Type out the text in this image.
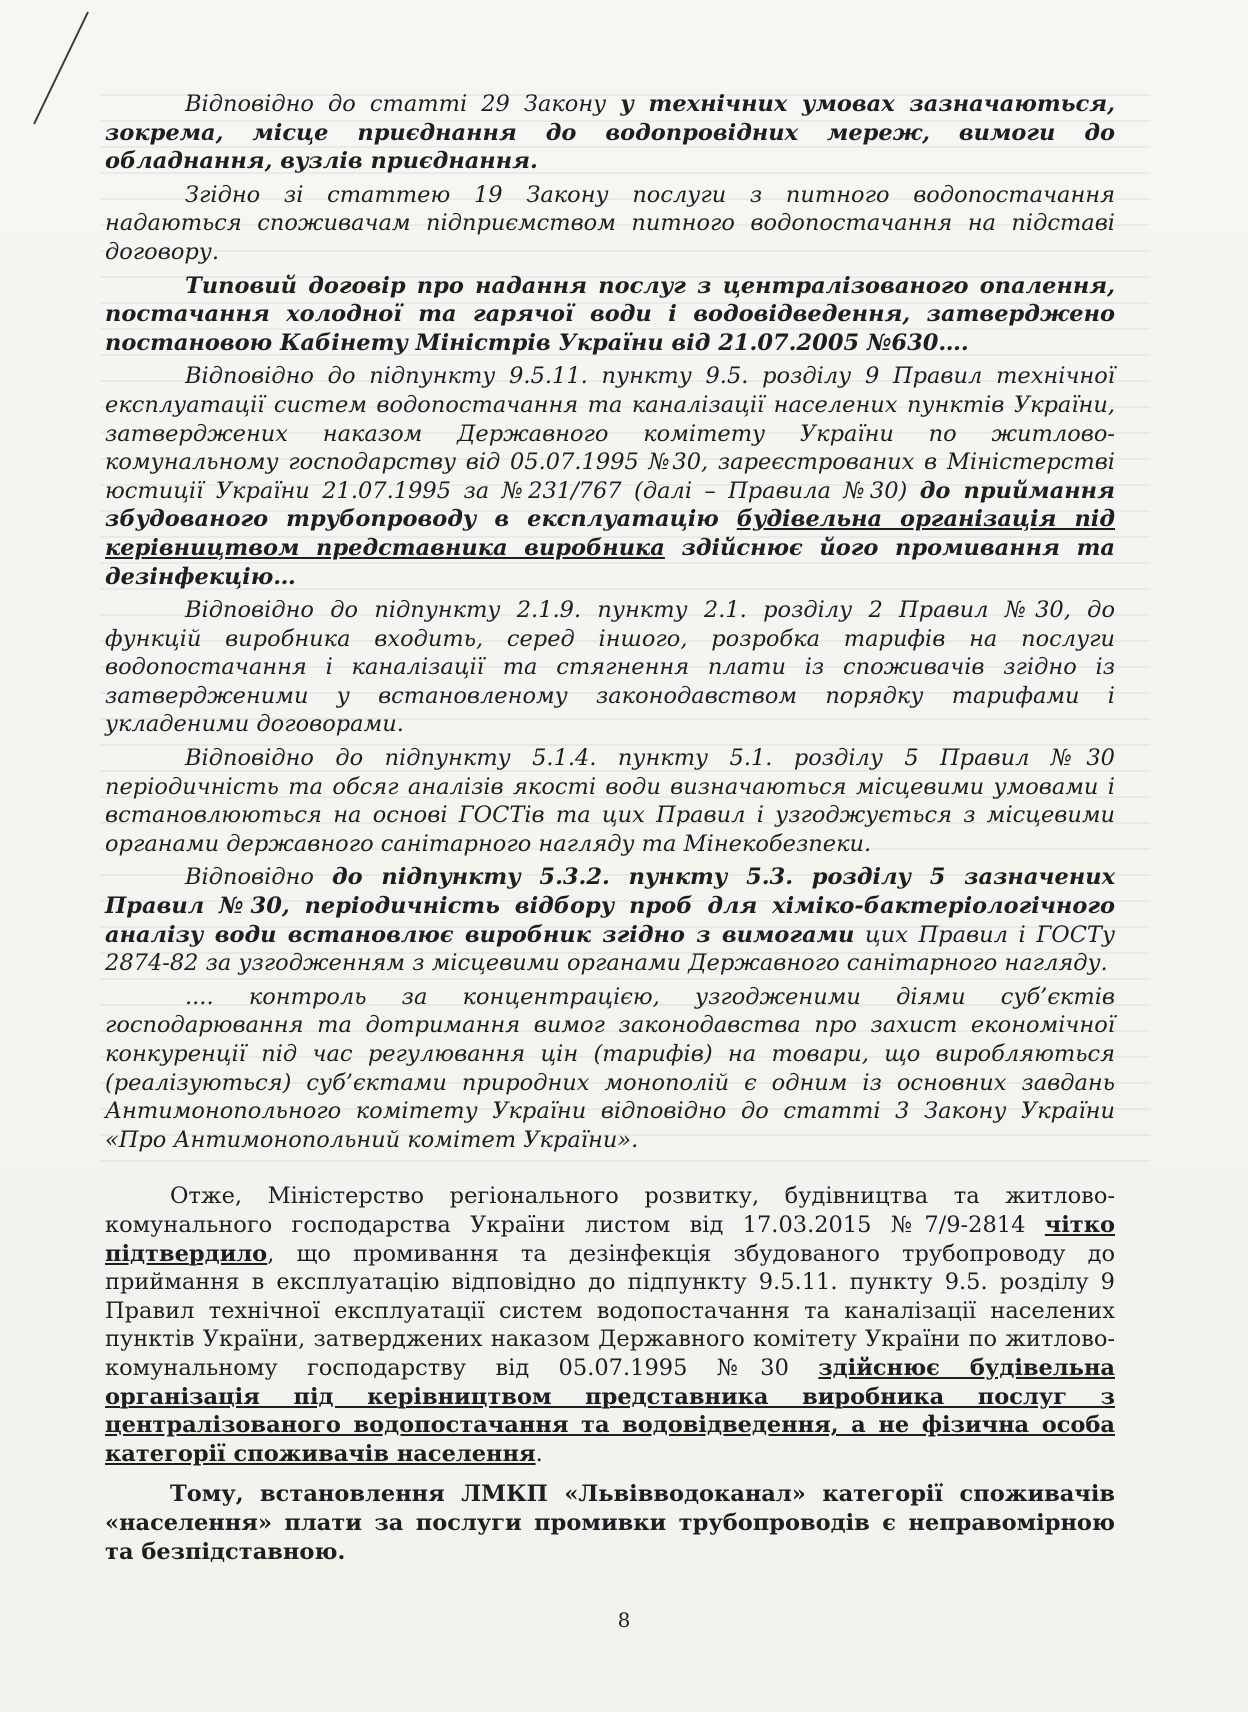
Відповідно до статті 29 Закону у технічних умовах зазначаються, зокрема, місце приєднання до водопровідних мереж, вимоги до обладнання, вузлів приєднання.

Згідно зі статтею 19 Закону послуги з питного водопостачання надаються споживачам підприємством питного водопостачання на підставі договору.

Типовий договір про надання послуг з централізованого опалення, постачання холодної та гарячої води і водовідведення, затверджено постановою Кабінету Міністрів України від 21.07.2005 №630….

Відповідно до підпункту 9.5.11. пункту 9.5. розділу 9 Правил технічної експлуатації систем водопостачання та каналізації населених пунктів України, затверджених наказом Державного комітету України по житлово-комунальному господарству від 05.07.1995 №30, зареєстрованих в Міністерстві юстиції України 21.07.1995 за №231/767 (далі – Правила №30) до приймання збудованого трубопроводу в експлуатацію будівельна організація під керівництвом представника виробника здійснює його промивання та дезінфекцію…

Відповідно до підпункту 2.1.9. пункту 2.1. розділу 2 Правил №30, до функцій виробника входить, серед іншого, розробка тарифів на послуги водопостачання і каналізації та стягнення плати із споживачів згідно із затвердженими у встановленому законодавством порядку тарифами і укладеними договорами.

Відповідно до підпункту 5.1.4. пункту 5.1. розділу 5 Правил №30 періодичність та обсяг аналізів якості води визначаються місцевими умовами і встановлюються на основі ГОСТів та цих Правил і узгоджується з місцевими органами державного санітарного нагляду та Мінекобезпеки.

Відповідно до підпункту 5.3.2. пункту 5.3. розділу 5 зазначених Правил №30, періодичність відбору проб для хіміко-бактеріологічного аналізу води встановлює виробник згідно з вимогами цих Правил і ГОСТу 2874-82 за узгодженням з місцевими органами Державного санітарного нагляду.

.... контроль за концентрацією, узгодженими діями суб’єктів господарювання та дотримання вимог законодавства про захист економічної конкуренції під час регулювання цін (тарифів) на товари, що виробляються (реалізуються) суб’єктами природних монополій є одним із основних завдань Антимонопольного комітету України відповідно до статті 3 Закону України «Про Антимонопольний комітет України».

Отже, Міністерство регіонального розвитку, будівництва та житлово-комунального господарства України листом від 17.03.2015 №7/9-2814 чітко підтвердило, що промивання та дезінфекція збудованого трубопроводу до приймання в експлуатацію відповідно до підпункту 9.5.11. пункту 9.5. розділу 9 Правил технічної експлуатації систем водопостачання та каналізації населених пунктів України, затверджених наказом Державного комітету України по житлово-комунальному господарству від 05.07.1995 №30 здійснює будівельна організація під керівництвом представника виробника послуг з централізованого водопостачання та водовідведення, а не фізична особа категорії споживачів населення.

Тому, встановлення ЛМКП «Львівводоканал» категорії споживачів «населення» плати за послуги промивки трубопроводів є неправомірною та безпідставною.

8
